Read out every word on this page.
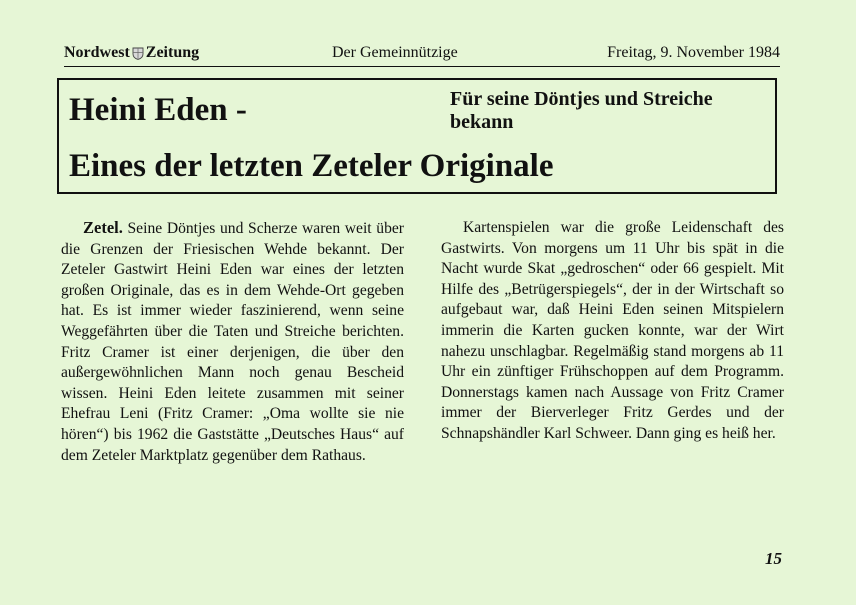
Nordwest Zeitung	Der Gemeinnützige	Freitag, 9. November 1984
Heini Eden -	Für seine Döntjes und Streiche bekann
Eines der letzten Zeteler Originale

Zetel. Seine Döntjes und Scherze waren weit über die Grenzen der Friesischen Wehde bekannt. Der Zeteler Gastwirt Heini Eden war eines der letzten großen Originale, das es in dem Wehde-Ort gegeben hat. Es ist immer wieder faszinierend, wenn seine Weggefährten über die Taten und Streiche berichten. Fritz Cramer ist einer derjenigen, die über den außergewöhnlichen Mann noch genau Bescheid wissen. Heini Eden leitete zusammen mit seiner Ehefrau Leni (Fritz Cramer: „Oma wollte sie nie hören“) bis 1962 die Gaststätte „Deutsches Haus“ auf dem Zeteler Marktplatz gegenüber dem Rathaus.

Kartenspielen war die große Leidenschaft des Gastwirts. Von morgens um 11 Uhr bis spät in die Nacht wurde Skat „gedroschen“ oder 66 gespielt. Mit Hilfe des „Betrügerspiegels“, der in der Wirtschaft so aufgebaut war, daß Heini Eden seinen Mitspielern immerin die Karten gucken konnte, war der Wirt nahezu unschlagbar. Regelmäßig stand morgens ab 11 Uhr ein zünftiger Frühschoppen auf dem Programm. Donnerstags kamen nach Aussage von Fritz Cramer immer der Bierverleger Fritz Gerdes und der Schnapshändler Karl Schweer. Dann ging es heiß her.

15
